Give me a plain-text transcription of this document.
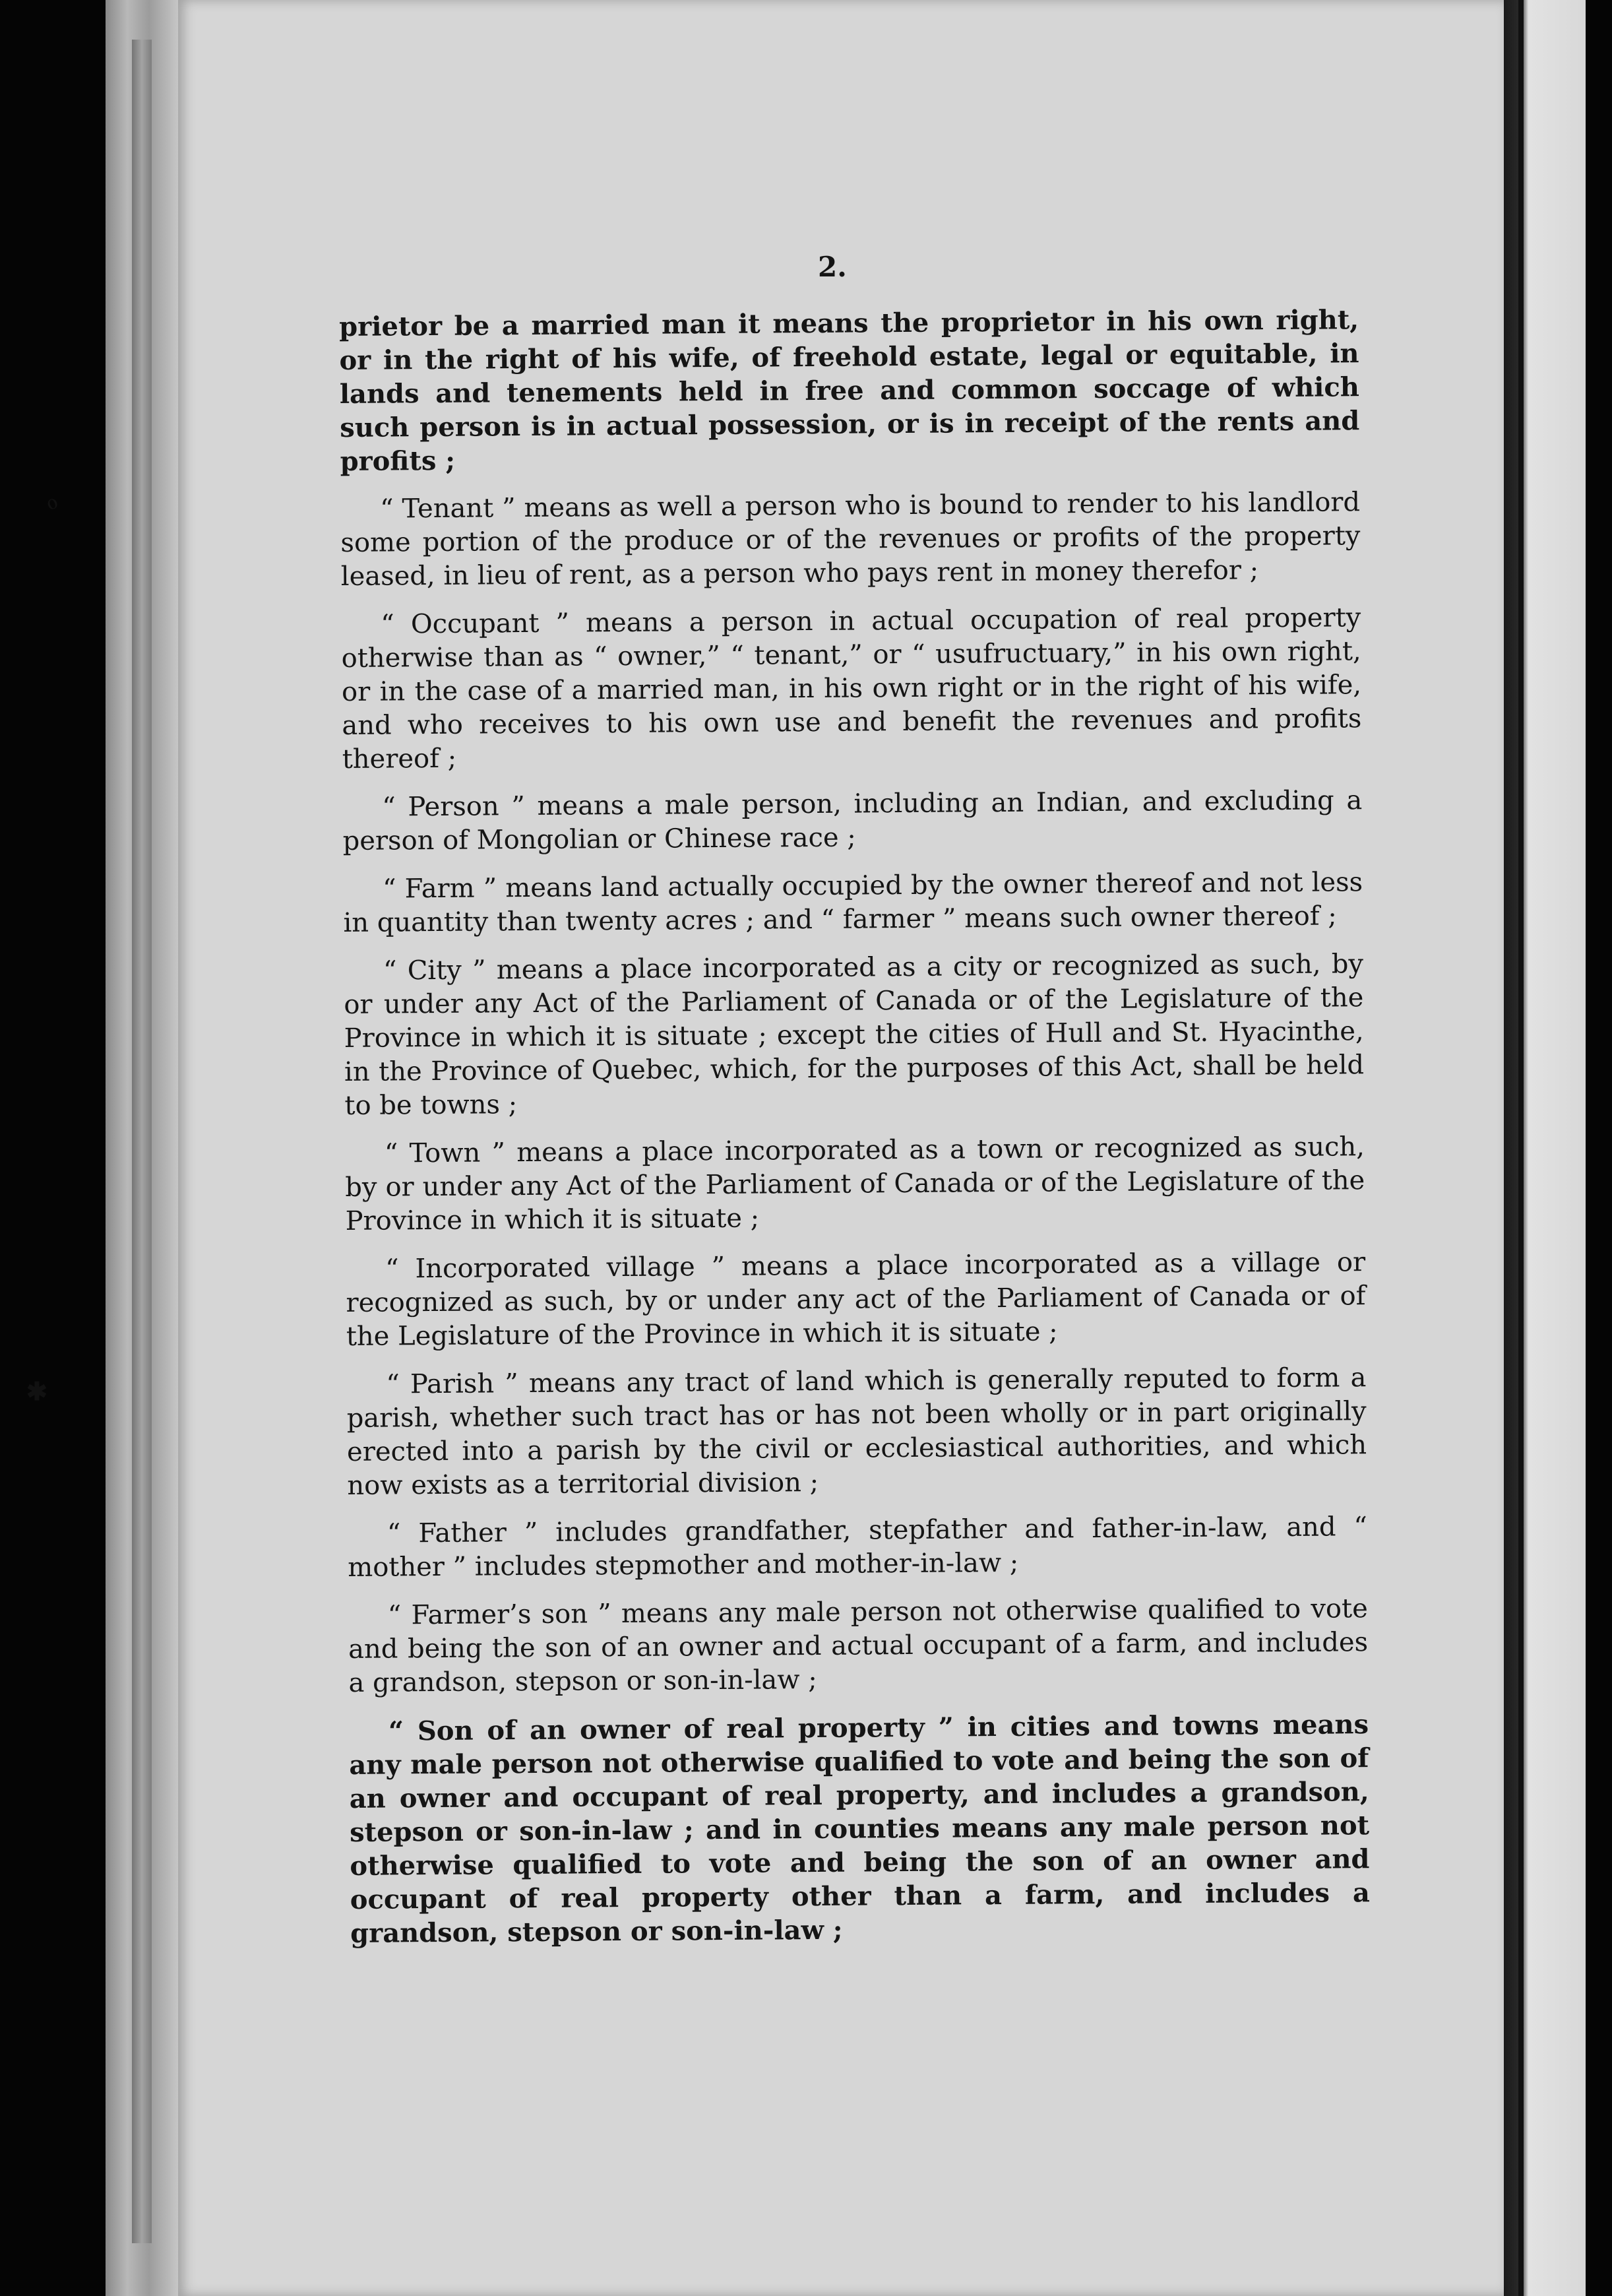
ℴ
✱
2.

prietor be a married man it means the proprietor in his own right, or in the right of his wife, of freehold estate, legal or equitable, in lands and tenements held in free and common soccage of which such person is in actual possession, or is in receipt of the rents and profits ;

“ Tenant ” means as well a person who is bound to render to his landlord some portion of the produce or of the revenues or profits of the property leased, in lieu of rent, as a person who pays rent in money therefor ;

“ Occupant ” means a person in actual occupation of real property otherwise than as “ owner,” “ tenant,” or “ usufructuary,” in his own right, or in the case of a married man, in his own right or in the right of his wife, and who receives to his own use and benefit the revenues and profits thereof ;

“ Person ” means a male person, including an Indian, and excluding a person of Mongolian or Chinese race ;

“ Farm ” means land actually occupied by the owner thereof and not less in quantity than twenty acres ; and “ farmer ” means such owner thereof ;

“ City ” means a place incorporated as a city or recognized as such, by or under any Act of the Parliament of Canada or of the Legislature of the Province in which it is situate ; except the cities of Hull and St. Hyacinthe, in the Province of Quebec, which, for the purposes of this Act, shall be held to be towns ;

“ Town ” means a place incorporated as a town or recognized as such, by or under any Act of the Parliament of Canada or of the Legislature of the Province in which it is situate ;

“ Incorporated village ” means a place incorporated as a village or recognized as such, by or under any act of the Parliament of Canada or of the Legislature of the Province in which it is situate ;

“ Parish ” means any tract of land which is generally reputed to form a parish, whether such tract has or has not been wholly or in part originally erected into a parish by the civil or ecclesiastical authorities, and which now exists as a territorial division ;

“ Father ” includes grandfather, stepfather and father-in-law, and “ mother ” includes stepmother and mother-in-law ;

“ Farmer’s son ” means any male person not otherwise qualified to vote and being the son of an owner and actual occupant of a farm, and includes a grandson, stepson or son-in-law ;

“ Son of an owner of real property ” in cities and towns means any male person not otherwise qualified to vote and being the son of an owner and occupant of real property, and includes a grandson, stepson or son-in-law ; and in counties means any male person not otherwise qualified to vote and being the son of an owner and occupant of real property other than a farm, and includes a grandson, stepson or son-in-law ;
